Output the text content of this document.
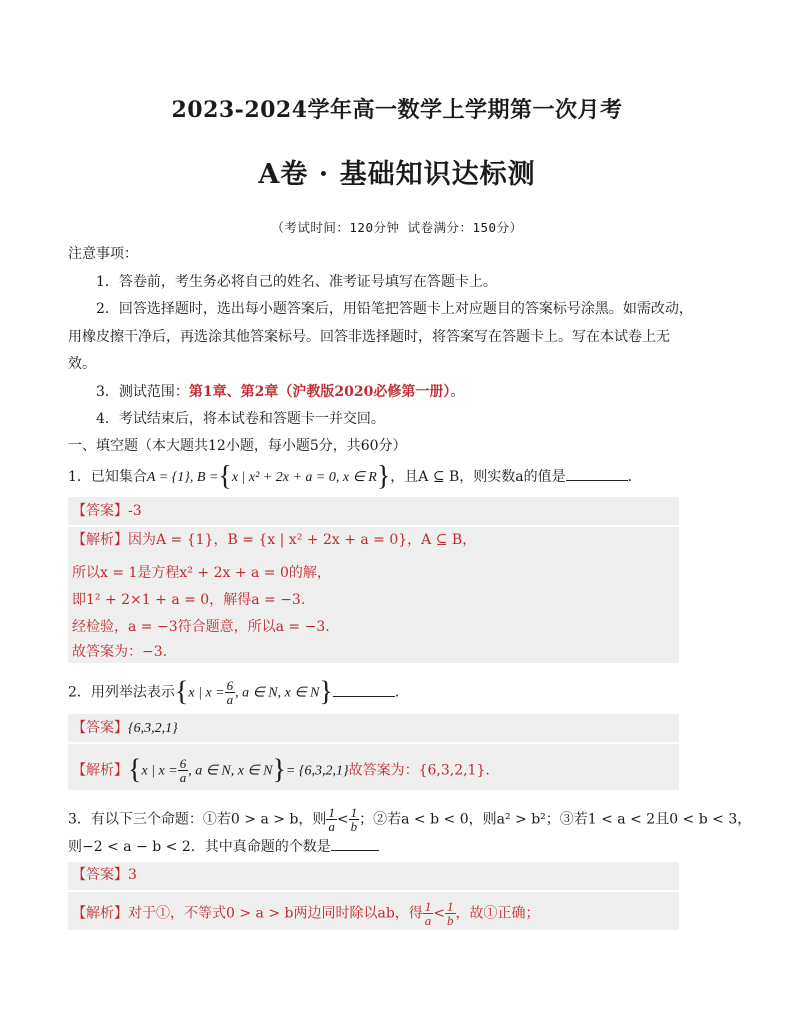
2023-2024学年高一数学上学期第一次月考
A卷 · 基础知识达标测
（考试时间：120分钟 试卷满分：150分）
注意事项：
1．答卷前，考生务必将自己的姓名、准考证号填写在答题卡上。
2．回答选择题时，选出每小题答案后，用铅笔把答题卡上对应题目的答案标号涂黑。如需改动，
用橡皮擦干净后，再选涂其他答案标号。回答非选择题时，将答案写在答题卡上。写在本试卷上无
效。
3．测试范围：第1章、第2章（沪教版2020必修第一册）。
4．考试结束后，将本试卷和答题卡一并交回。
一、填空题（本大题共12小题，每小题5分，共60分）
1．已知集合A = {1}, B ={x | x² + 2x + a = 0, x ∈ R}，且A ⊆ B，则实数a的值是	．
【答案】-3
【解析】因为A = {1}，B = {x | x² + 2x + a = 0}，A ⊆ B，
所以x = 1是方程x² + 2x + a = 0的解，
即1² + 2×1 + a = 0，解得a = −3.
经检验，a = −3符合题意，所以a = −3.
故答案为：−3.
2．用列举法表示{x | $x = \frac{6}{a}$ , a ∈ N, x ∈ N}	．
【答案】{6,3,2,1}
【解析】{x | $x = \frac{6}{a}$ , a ∈ N, x ∈ N}= {6,3,2,1}故答案为：{6,3,2,1}.
3．有以下三个命题：①若0 > a > b，则 $\frac{1}{a} < \frac{1}{b}$ ；②若a < b < 0，则a² > b²；③若1 < a < 2且0 < b < 3，
则−2 < a − b < 2．其中真命题的个数是
【答案】3
【解析】对于①，不等式0 > a > b两边同时除以ab，得 $\frac{1}{a} < \frac{1}{b}$ ，故①正确；
